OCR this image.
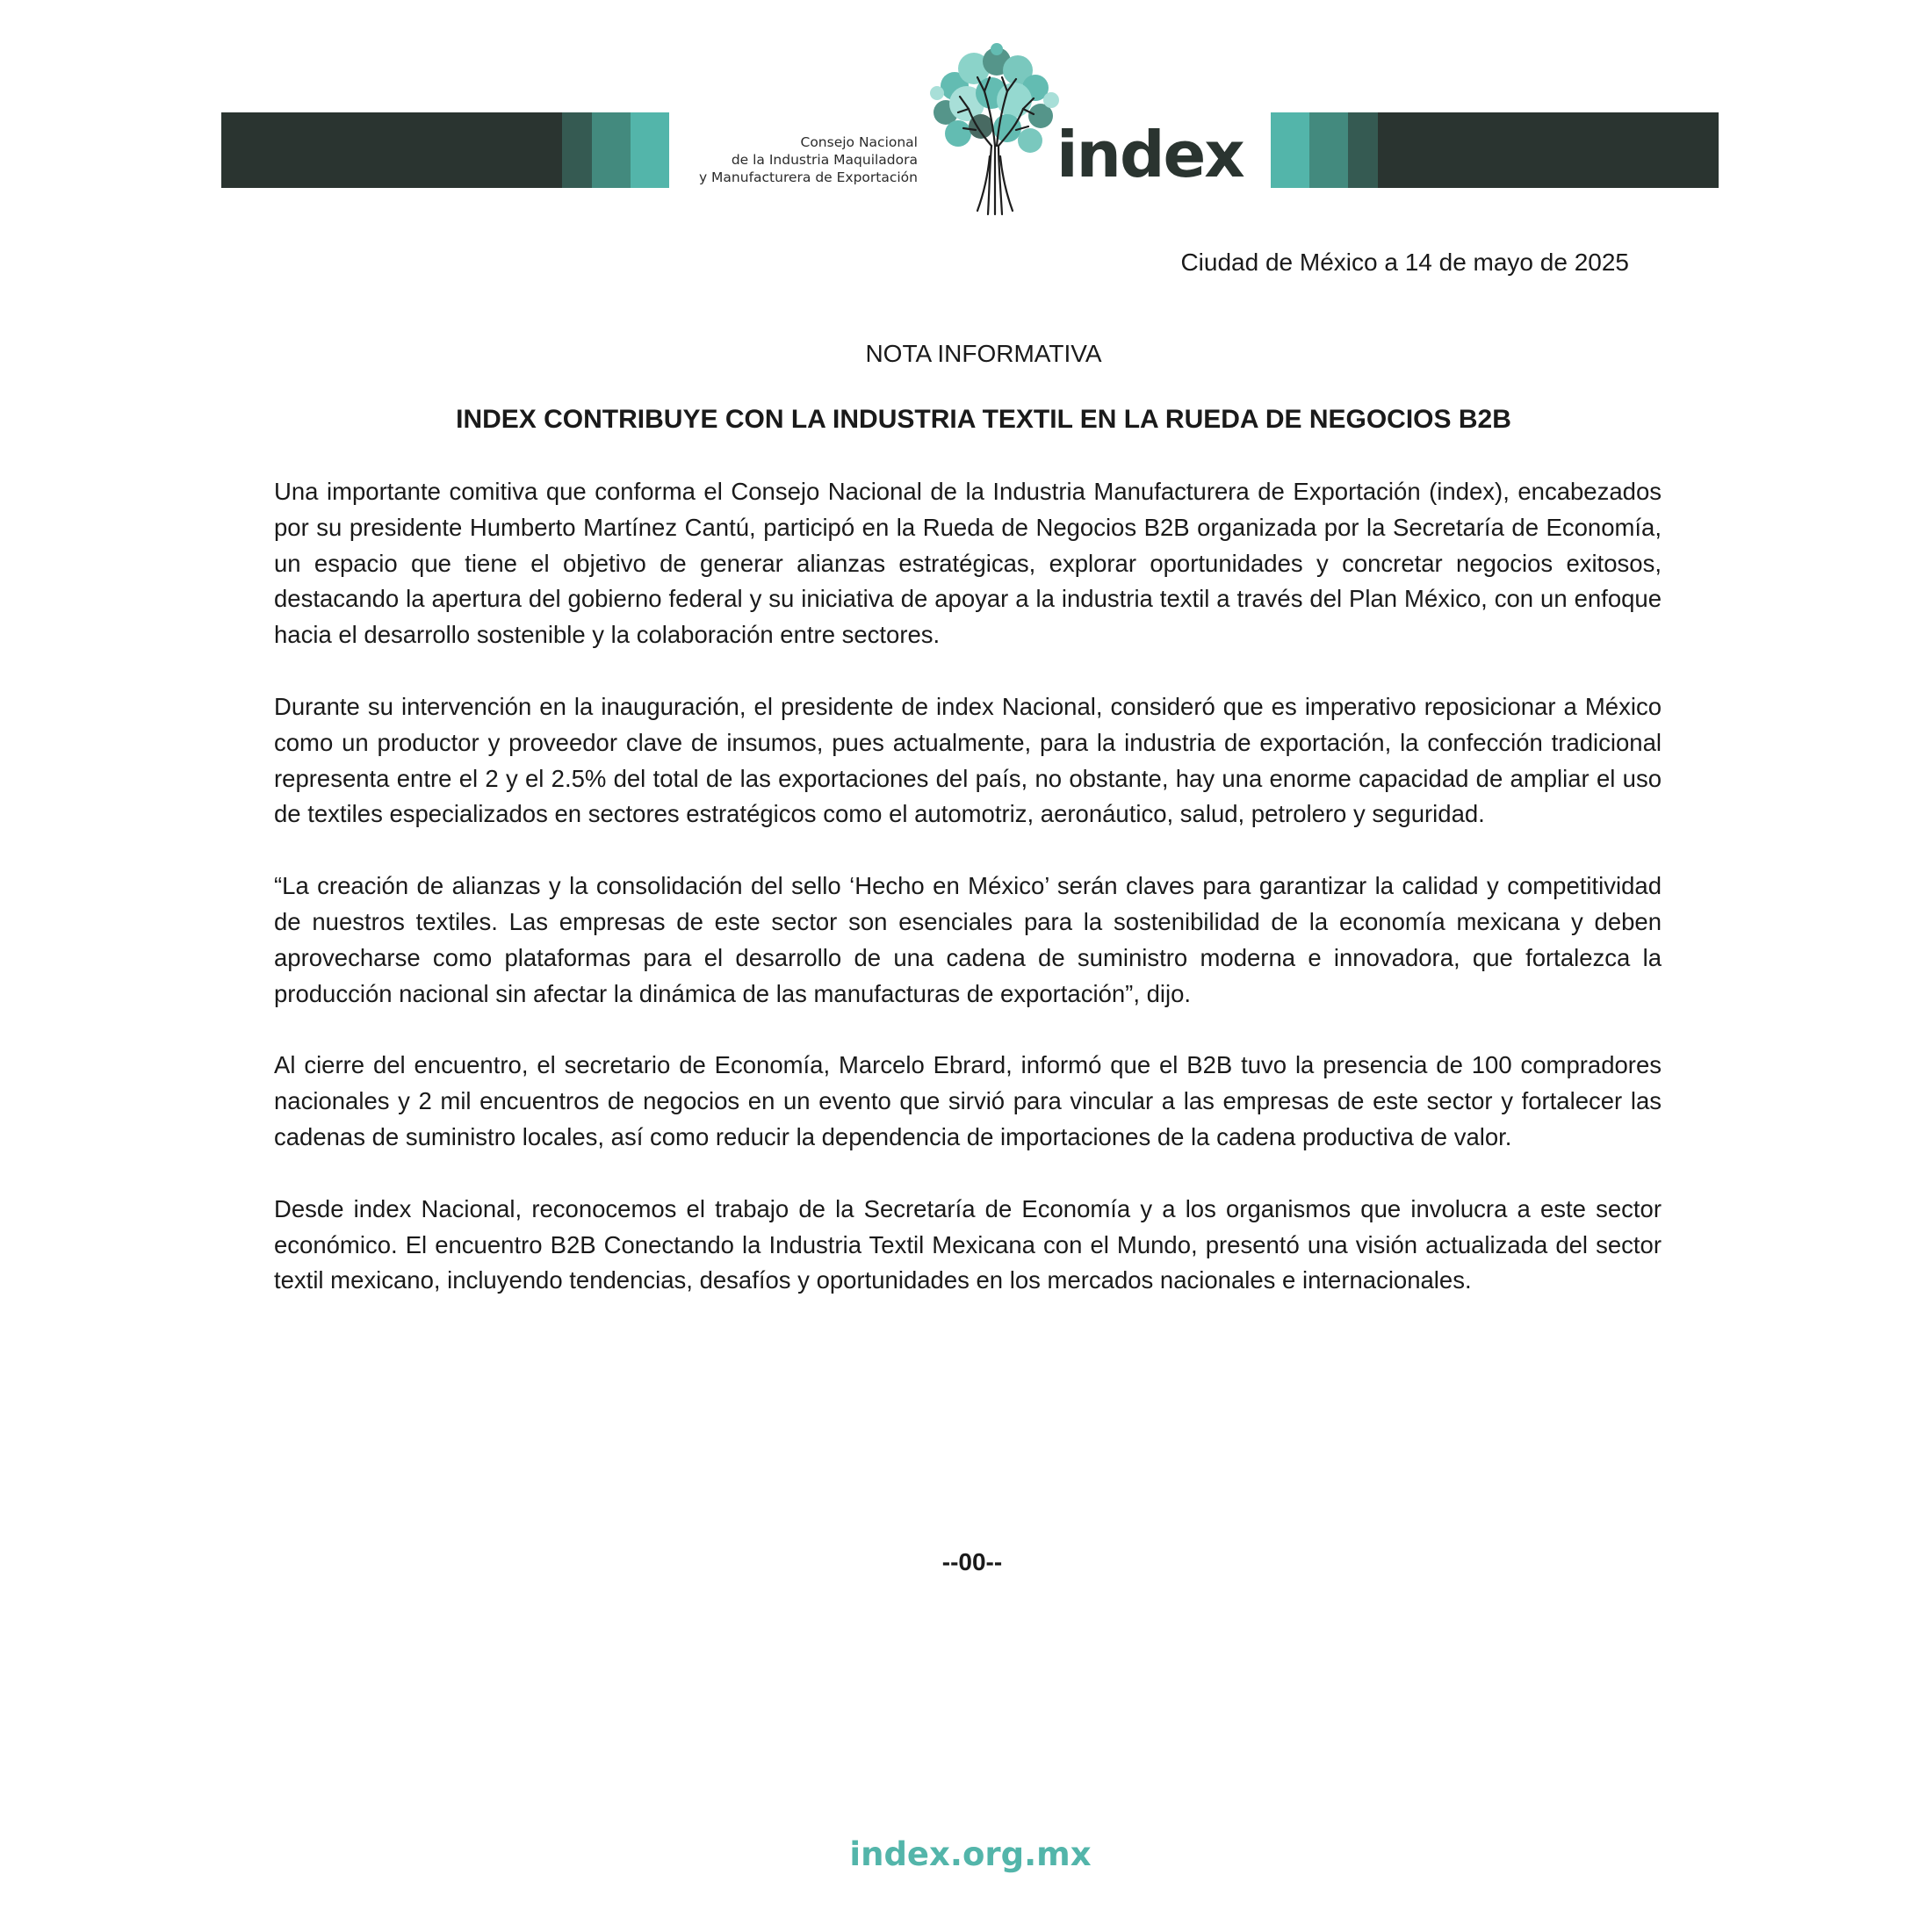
Consejo Nacional
de la Industria Maquiladora
y Manufacturera de Exportación index
Ciudad de México a 14 de mayo de 2025
NOTA INFORMATIVA
INDEX CONTRIBUYE CON LA INDUSTRIA TEXTIL EN LA RUEDA DE NEGOCIOS B2B

Una importante comitiva que conforma el Consejo Nacional de la Industria Manufacturera de Exportación (index), encabezados por su presidente Humberto Martínez Cantú, participó en la Rueda de Negocios B2B organizada por la Secretaría de Economía, un espacio que tiene el objetivo de generar alianzas estratégicas, explorar oportunidades y concretar negocios exitosos, destacando la apertura del gobierno federal y su iniciativa de apoyar a la industria textil a través del Plan México, con un enfoque hacia el desarrollo sostenible y la colaboración entre sectores.

Durante su intervención en la inauguración, el presidente de index Nacional, consideró que es imperativo reposicionar a México como un productor y proveedor clave de insumos, pues actualmente, para la industria de exportación, la confección tradicional representa entre el 2 y el 2.5% del total de las exportaciones del país, no obstante, hay una enorme capacidad de ampliar el uso de textiles especializados en sectores estratégicos como el automotriz, aeronáutico, salud, petrolero y seguridad.

“La creación de alianzas y la consolidación del sello ‘Hecho en México’ serán claves para garantizar la calidad y competitividad de nuestros textiles. Las empresas de este sector son esenciales para la sostenibilidad de la economía mexicana y deben aprovecharse como plataformas para el desarrollo de una cadena de suministro moderna e innovadora, que fortalezca la producción nacional sin afectar la dinámica de las manufacturas de exportación”, dijo.

Al cierre del encuentro, el secretario de Economía, Marcelo Ebrard, informó que el B2B tuvo la presencia de 100 compradores nacionales y 2 mil encuentros de negocios en un evento que sirvió para vincular a las empresas de este sector y fortalecer las cadenas de suministro locales, así como reducir la dependencia de importaciones de la cadena productiva de valor.

Desde index Nacional, reconocemos el trabajo de la Secretaría de Economía y a los organismos que involucra a este sector económico. El encuentro B2B Conectando la Industria Textil Mexicana con el Mundo, presentó una visión actualizada del sector textil mexicano, incluyendo tendencias, desafíos y oportunidades en los mercados nacionales e internacionales.

--00--
index.org.mx
